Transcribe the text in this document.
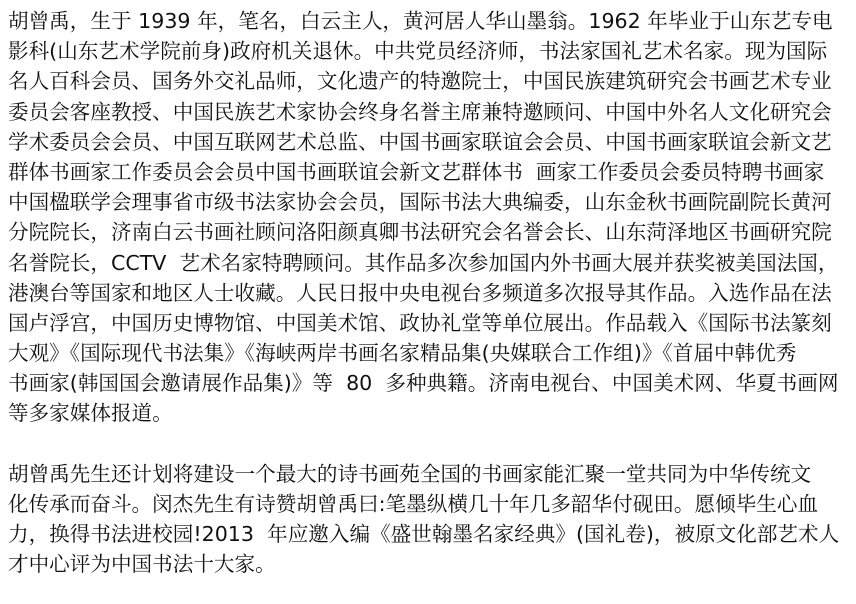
胡曾禹，生于 1939 年，笔名，白云主人，黄河居人华山墨翁。1962 年毕业于山东艺专电
影科(山东艺术学院前身)政府机关退休。中共党员经济师，书法家国礼艺术名家。现为国际
名人百科会员、国务外交礼品师，文化遗产的特邀院士，中国民族建筑研究会书画艺术专业
委员会客座教授、中国民族艺术家协会终身名誉主席兼特邀顾问、中国中外名人文化研究会
学术委员会会员、中国互联网艺术总监、中国书画家联谊会会员、中国书画家联谊会新文艺
群体书画家工作委员会会员中国书画联谊会新文艺群体书  画家工作委员会委员特聘书画家
中国楹联学会理事省市级书法家协会会员，国际书法大典编委，山东金秋书画院副院长黄河
分院院长，济南白云书画社顾问洛阳颜真卿书法研究会名誉会长、山东菏泽地区书画研究院
名誉院长，CCTV  艺术名家特聘顾问。其作品多次参加国内外书画大展并获奖被美国法国，
港澳台等国家和地区人士收藏。人民日报中央电视台多频道多次报导其作品。入选作品在法
国卢浮宫，中国历史博物馆、中国美术馆、政协礼堂等单位展出。作品载入《国际书法篆刻
大观》《国际现代书法集》《海峡两岸书画名家精品集(央媒联合工作组)》《首届中韩优秀
书画家(韩国国会邀请展作品集)》等  80  多种典籍。济南电视台、中国美术网、华夏书画网
等多家媒体报道。
胡曾禹先生还计划将建设一个最大的诗书画苑全国的书画家能汇聚一堂共同为中华传统文
化传承而奋斗。闵杰先生有诗赞胡曾禹曰:笔墨纵横几十年几多韶华付砚田。愿倾毕生心血
力，换得书法进校园!2013  年应邀入编《盛世翰墨名家经典》(国礼卷)，被原文化部艺术人
才中心评为中国书法十大家。
